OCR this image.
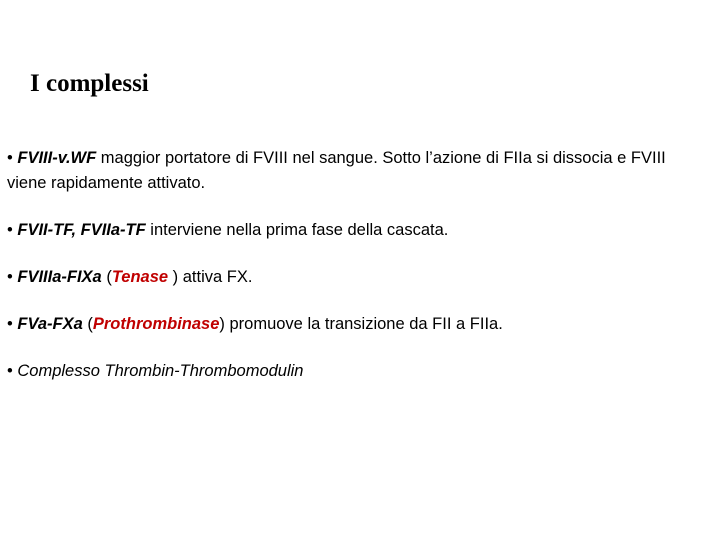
I complessi

• FVIII-v.WF maggior portatore di FVIII nel sangue. Sotto l’azione di FIIa si dissocia e FVIII viene rapidamente attivato.

• FVII-TF, FVIIa-TF interviene nella prima fase della cascata.

• FVIIIa-FIXa (Tenase ) attiva FX.

• FVa-FXa (Prothrombinase) promuove la transizione da FII a FIIa.

• Complesso Thrombin-Thrombomodulin
